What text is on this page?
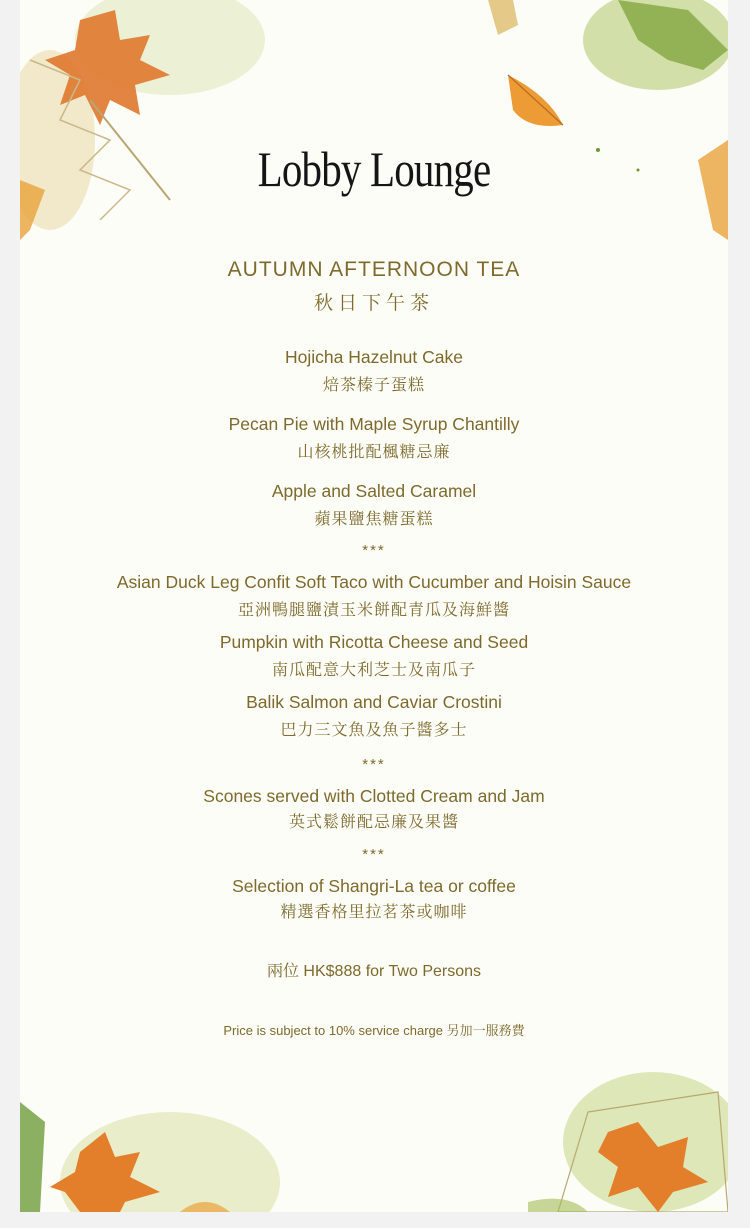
Lobby Lounge
AUTUMN AFTERNOON TEA
秋日下午茶
Hojicha Hazelnut Cake
焙茶榛子蛋糕
Pecan Pie with Maple Syrup Chantilly
山核桃批配楓糖忌廉
Apple and Salted Caramel
蘋果鹽焦糖蛋糕
***
Asian Duck Leg Confit Soft Taco with Cucumber and Hoisin Sauce
亞洲鴨腿鹽漬玉米餅配青瓜及海鮮醬
Pumpkin with Ricotta Cheese and Seed
南瓜配意大利芝士及南瓜子
Balik Salmon and Caviar Crostini
巴力三文魚及魚子醬多士
***
Scones served with Clotted Cream and Jam
英式鬆餅配忌廉及果醬
***
Selection of Shangri-La tea or coffee
精選香格里拉茗茶或咖啡
兩位 HK$888 for Two Persons
Price is subject to 10% service charge 另加一服務費
